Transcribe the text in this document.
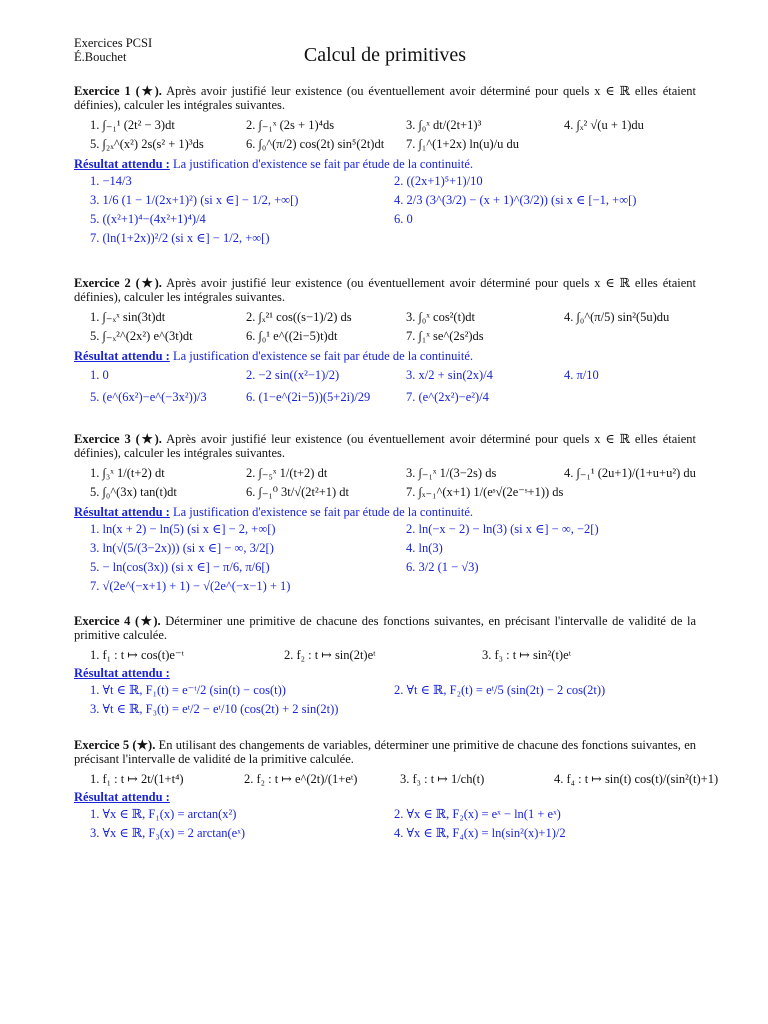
Exercices PCSI
É.Bouchet	Calcul de primitives
Exercice 1 (★). Après avoir justifié leur existence (ou éventuellement avoir déterminé pour quels x ∈ ℝ elles étaient définies), calculer les intégrales suivantes.
1. ∫₋₁¹ (2t² − 3)dt	2. ∫₋₁ˣ (2s + 1)⁴ds	3. ∫₀ˣ dt/(2t+1)³	4. ∫ₓ² √(u + 1)du
5. ∫₂ₓ^(x²) 2s(s² + 1)³ds	6. ∫₀^(π/2) cos(2t) sin⁵(2t)dt 7. ∫₁^(1+2x) ln(u)/u du
Résultat attendu : La justification d'existence se fait par étude de la continuité.
1. −14/3	2. ((2x+1)⁵+1)/10
3. 1/6 (1 − 1/(2x+1)²) (si x ∈] − 1/2, +∞[)	4. 2/3 (3^(3/2) − (x + 1)^(3/2)) (si x ∈ [−1, +∞[)
5. ((x²+1)⁴−(4x²+1)⁴)/4	6. 0
7. (ln(1+2x))²/2 (si x ∈] − 1/2, +∞[)
Exercice 2 (★). Après avoir justifié leur existence (ou éventuellement avoir déterminé pour quels x ∈ ℝ elles étaient définies), calculer les intégrales suivantes.
1. ∫₋ₓˣ sin(3t)dt	2. ∫ₓ²¹ cos((s−1)/2) ds	3. ∫₀ˣ cos²(t)dt	4. ∫₀^(π/5) sin²(5u)du
5. ∫₋ₓ²^(2x²) e^(3t)dt	6. ∫₀¹ e^((2i−5)t)dt	7. ∫₁ˣ se^(2s²)ds
Résultat attendu : La justification d'existence se fait par étude de la continuité.
1. 0	2. −2 sin((x²−1)/2)	3. x/2 + sin(2x)/4	4. π/10
5. (e^(6x²)−e^(−3x²))/3	6. (1−e^(2i−5))(5+2i)/29	7. (e^(2x²)−e²)/4
Exercice 3 (★). Après avoir justifié leur existence (ou éventuellement avoir déterminé pour quels x ∈ ℝ elles étaient définies), calculer les intégrales suivantes.
1. ∫₃ˣ 1/(t+2) dt	2. ∫₋₅ˣ 1/(t+2) dt	3. ∫₋₁ˣ 1/(3−2s) ds	4. ∫₋₁¹ (2u+1)/(1+u+u²) du
5. ∫₀^(3x) tan(t)dt	6. ∫₋₁⁰ 3t/√(2t²+1) dt	7. ∫ₓ₋₁^(x+1) 1/(eˢ√(2e⁻ˢ+1)) ds
Résultat attendu : La justification d'existence se fait par étude de la continuité.
1. ln(x + 2) − ln(5) (si x ∈] − 2, +∞[)	2. ln(−x − 2) − ln(3) (si x ∈] − ∞, −2[)
3. ln(√(5/(3−2x))) (si x ∈] − ∞, 3/2[)	4. ln(3)
5. − ln(cos(3x)) (si x ∈] − π/6, π/6[)	6. 3/2 (1 − √3)
7. √(2e^(−x+1) + 1) − √(2e^(−x−1) + 1)
Exercice 4 (★). Déterminer une primitive de chacune des fonctions suivantes, en précisant l'intervalle de validité de la primitive calculée.
1. f₁ : t ↦ cos(t)e⁻ᵗ	2. f₂ : t ↦ sin(2t)eᵗ	3. f₃ : t ↦ sin²(t)eᵗ
Résultat attendu :
1. ∀t ∈ ℝ, F₁(t) = e⁻ᵗ/2 (sin(t) − cos(t))	2. ∀t ∈ ℝ, F₂(t) = eᵗ/5 (sin(2t) − 2 cos(2t))
3. ∀t ∈ ℝ, F₃(t) = eᵗ/2 − eᵗ/10 (cos(2t) + 2 sin(2t))
Exercice 5 (★). En utilisant des changements de variables, déterminer une primitive de chacune des fonctions suivantes, en précisant l'intervalle de validité de la primitive calculée.
1. f₁ : t ↦ 2t/(1+t⁴)	2. f₂ : t ↦ e^(2t)/(1+eᵗ)	3. f₃ : t ↦ 1/ch(t)	4. f₄ : t ↦ sin(t) cos(t)/(sin²(t)+1)
Résultat attendu :
1. ∀x ∈ ℝ, F₁(x) = arctan(x²)	2. ∀x ∈ ℝ, F₂(x) = eˣ − ln(1 + eˣ)
3. ∀x ∈ ℝ, F₃(x) = 2 arctan(eˣ)	4. ∀x ∈ ℝ, F₄(x) = ln(sin²(x)+1)/2
